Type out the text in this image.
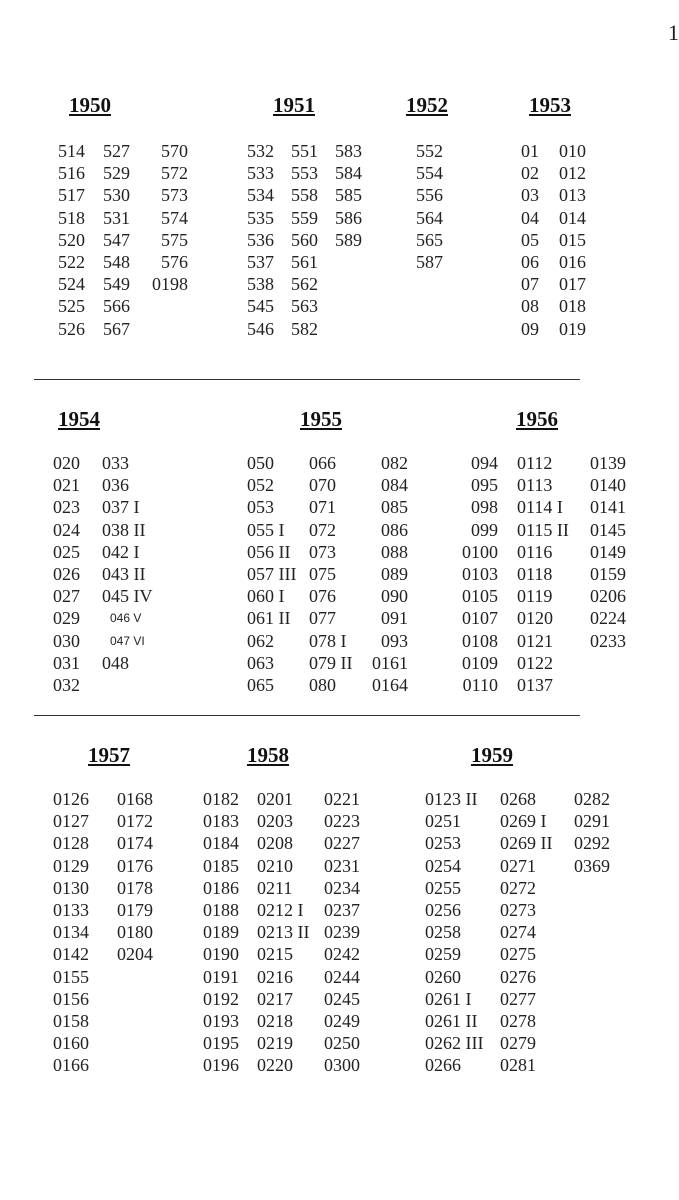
1
1950
514
516
517
518
520
522
524
525
526
527
529
530
531
547
548
549
566
567
570
572
573
574
575
576
0198
1951
532
533
534
535
536
537
538
545
546
551
553
558
559
560
561
562
563
582
583
584
585
586
589
1952
552
554
556
564
565
587
1953
01
02
03
04
05
06
07
08
09
010
012
013
014
015
016
017
018
019
1954
020
021
023
024
025
026
027
029
030
031
032
033
036
037 I
038 II
042 I
043 II
045 IV
046 V
047 VI
048
1955
050
052
053
055 I
056 II
057 III
060 I
061 II
062
063
065
066
070
071
072
073
075
076
077
078 I
079 II
080
082
084
085
086
088
089
090
091
093
0161
0164
1956
094
095
098
099
0100
0103
0105
0107
0108
0109
0110
0112
0113
0114 I
0115 II
0116
0118
0119
0120
0121
0122
0137
0139
0140
0141
0145
0149
0159
0206
0224
0233
1957
0126
0127
0128
0129
0130
0133
0134
0142
0155
0156
0158
0160
0166
0168
0172
0174
0176
0178
0179
0180
0204
1958
0182
0183
0184
0185
0186
0188
0189
0190
0191
0192
0193
0195
0196
0201
0203
0208
0210
0211
0212 I
0213 II
0215
0216
0217
0218
0219
0220
0221
0223
0227
0231
0234
0237
0239
0242
0244
0245
0249
0250
0300
1959
0123 II
0251
0253
0254
0255
0256
0258
0259
0260
0261 I
0261 II
0262 III
0266
0268
0269 I
0269 II
0271
0272
0273
0274
0275
0276
0277
0278
0279
0281
0282
0291
0292
0369
